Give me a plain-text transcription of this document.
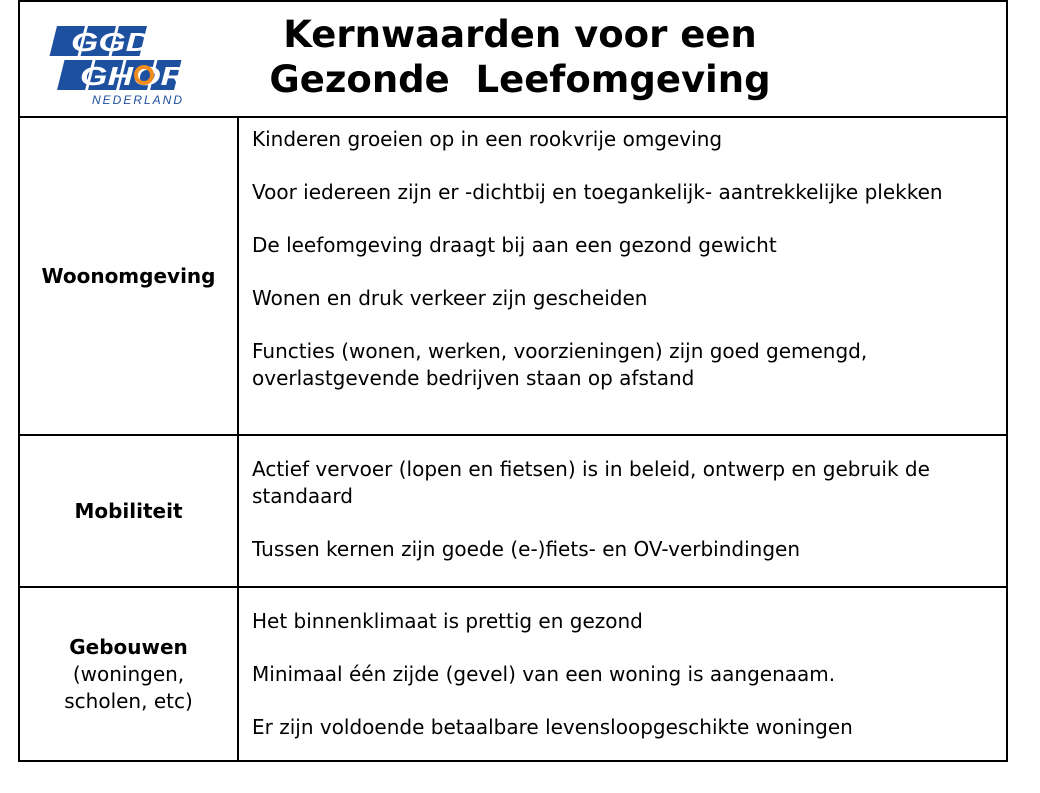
GGD
GHOR
NEDERLAND
Kernwaarden voor een
Gezonde  Leefomgeving
Woonomgeving

Kinderen groeien op in een rookvrije omgeving

Voor iedereen zijn er -dichtbij en toegankelijk- aantrekkelijke plekken

De leefomgeving draagt bij aan een gezond gewicht

Wonen en druk verkeer zijn gescheiden

Functies (wonen, werken, voorzieningen) zijn goed gemengd, overlastgevende bedrijven staan op afstand

Mobiliteit

Actief vervoer (lopen en fietsen) is in beleid, ontwerp en gebruik de standaard

Tussen kernen zijn goede (e-)fiets- en OV-verbindingen

Gebouwen
(woningen,
scholen, etc)

Het binnenklimaat is prettig en gezond

Minimaal één zijde (gevel) van een woning is aangenaam.

Er zijn voldoende betaalbare levensloopgeschikte woningen
